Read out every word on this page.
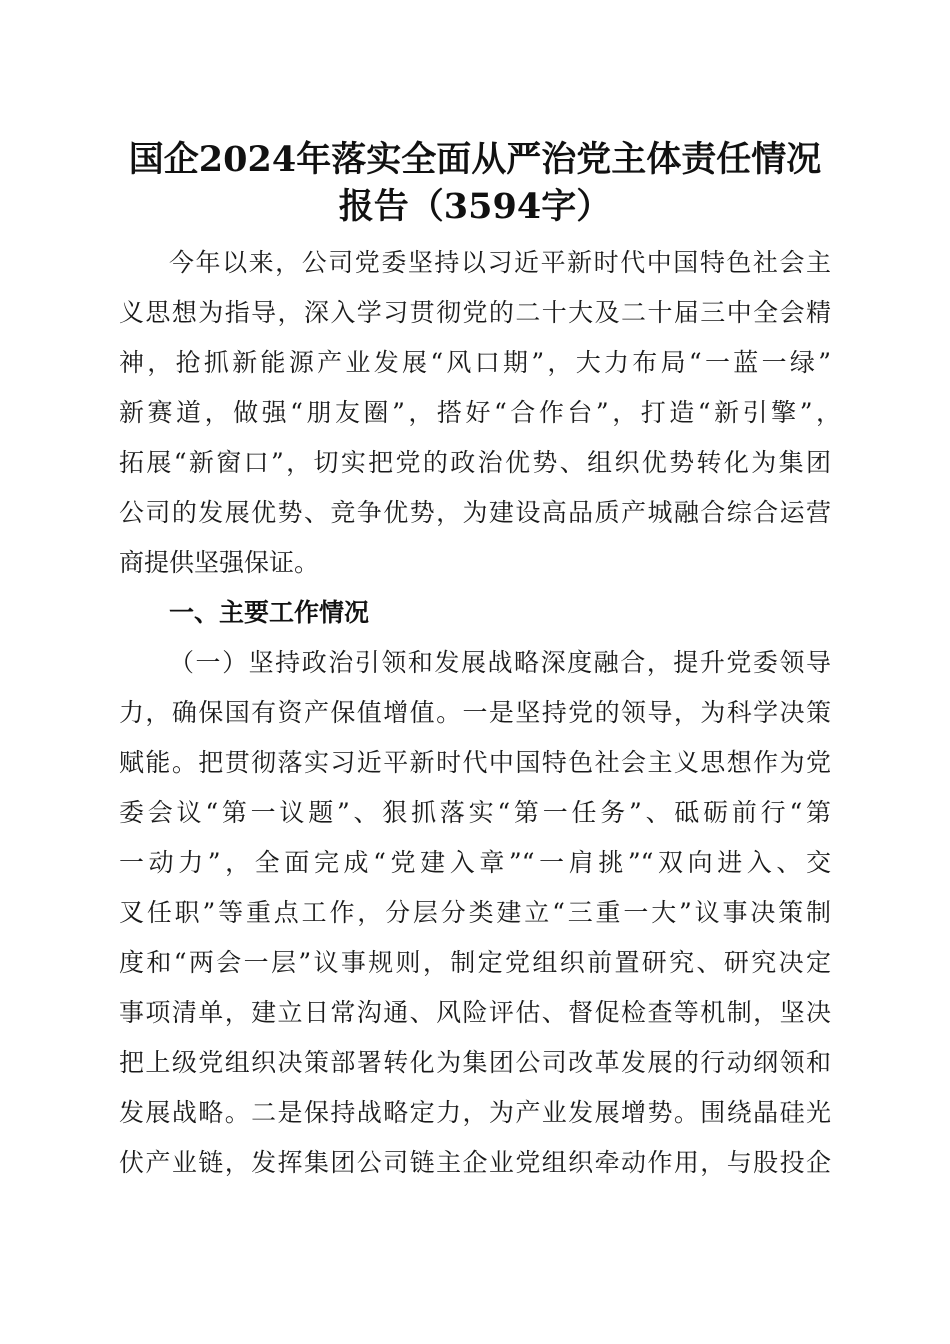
国企2024年落实全面从严治党主体责任情况
报告（3594字）

今年以来，公司党委坚持以习近平新时代中国特色社会主

义思想为指导，深入学习贯彻党的二十大及二十届三中全会精

神，抢抓新能源产业发展“风口期”，大力布局“一蓝一绿”

新赛道，做强“朋友圈”，搭好“合作台”，打造“新引擎”，

拓展“新窗口”，切实把党的政治优势、组织优势转化为集团

公司的发展优势、竞争优势，为建设高品质产城融合综合运营

商提供坚强保证。

一、主要工作情况

（一）坚持政治引领和发展战略深度融合，提升党委领导

力，确保国有资产保值增值。一是坚持党的领导，为科学决策

赋能。把贯彻落实习近平新时代中国特色社会主义思想作为党

委会议“第一议题”、狠抓落实“第一任务”、砥砺前行“第

一动力”，全面完成“党建入章”“一肩挑”“双向进入、交

叉任职”等重点工作，分层分类建立“三重一大”议事决策制

度和“两会一层”议事规则，制定党组织前置研究、研究决定

事项清单，建立日常沟通、风险评估、督促检查等机制，坚决

把上级党组织决策部署转化为集团公司改革发展的行动纲领和

发展战略。二是保持战略定力，为产业发展增势。围绕晶硅光

伏产业链，发挥集团公司链主企业党组织牵动作用，与股投企
